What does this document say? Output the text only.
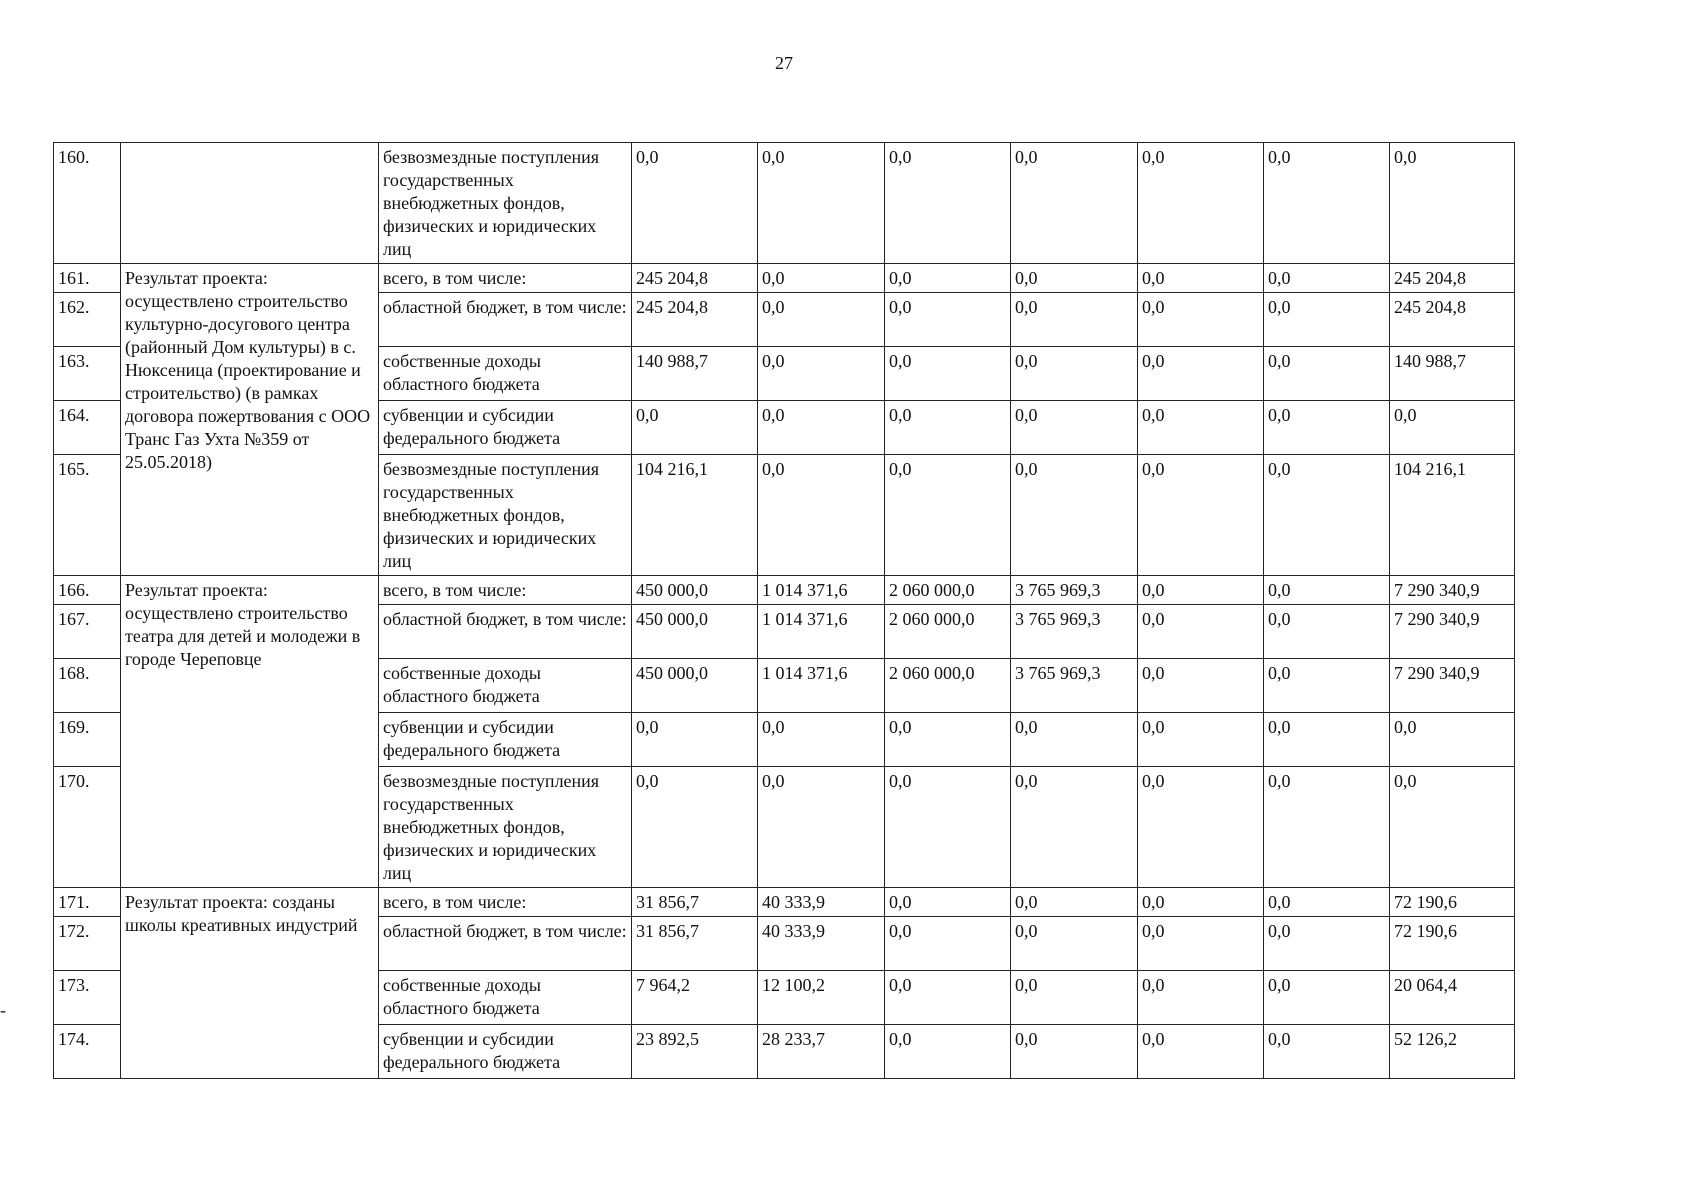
27
-
160.		безвозмездные поступления государственных внебюджетных фондов, физических и юридических лиц	0,0	0,0	0,0	0,0	0,0	0,0	0,0
161.	Результат проекта: осуществлено строительство культурно-досугового центра (районный Дом культуры) в с. Нюксеница (проектирование и строительство) (в рамках договора пожертвования с ООО Транс Газ Ухта №359 от 25.05.2018)	всего, в том числе:	245 204,8	0,0	0,0	0,0	0,0	0,0	245 204,8
162.		областной бюджет, в том числе:	245 204,8	0,0	0,0	0,0	0,0	0,0	245 204,8
163.		собственные доходы областного бюджета	140 988,7	0,0	0,0	0,0	0,0	0,0	140 988,7
164.		субвенции и субсидии федерального бюджета	0,0	0,0	0,0	0,0	0,0	0,0	0,0
165.		безвозмездные поступления государственных внебюджетных фондов, физических и юридических лиц	104 216,1	0,0	0,0	0,0	0,0	0,0	104 216,1
166.	Результат проекта: осуществлено строительство театра для детей и молодежи в городе Череповце	всего, в том числе:	450 000,0	1 014 371,6	2 060 000,0	3 765 969,3	0,0	0,0	7 290 340,9
167.		областной бюджет, в том числе:	450 000,0	1 014 371,6	2 060 000,0	3 765 969,3	0,0	0,0	7 290 340,9
168.		собственные доходы областного бюджета	450 000,0	1 014 371,6	2 060 000,0	3 765 969,3	0,0	0,0	7 290 340,9
169.		субвенции и субсидии федерального бюджета	0,0	0,0	0,0	0,0	0,0	0,0	0,0
170.		безвозмездные поступления государственных внебюджетных фондов, физических и юридических лиц	0,0	0,0	0,0	0,0	0,0	0,0	0,0
171.	Результат проекта: созданы школы креативных индустрий	всего, в том числе:	31 856,7	40 333,9	0,0	0,0	0,0	0,0	72 190,6
172.		областной бюджет, в том числе:	31 856,7	40 333,9	0,0	0,0	0,0	0,0	72 190,6
173.		собственные доходы областного бюджета	7 964,2	12 100,2	0,0	0,0	0,0	0,0	20 064,4
174.		субвенции и субсидии федерального бюджета	23 892,5	28 233,7	0,0	0,0	0,0	0,0	52 126,2
